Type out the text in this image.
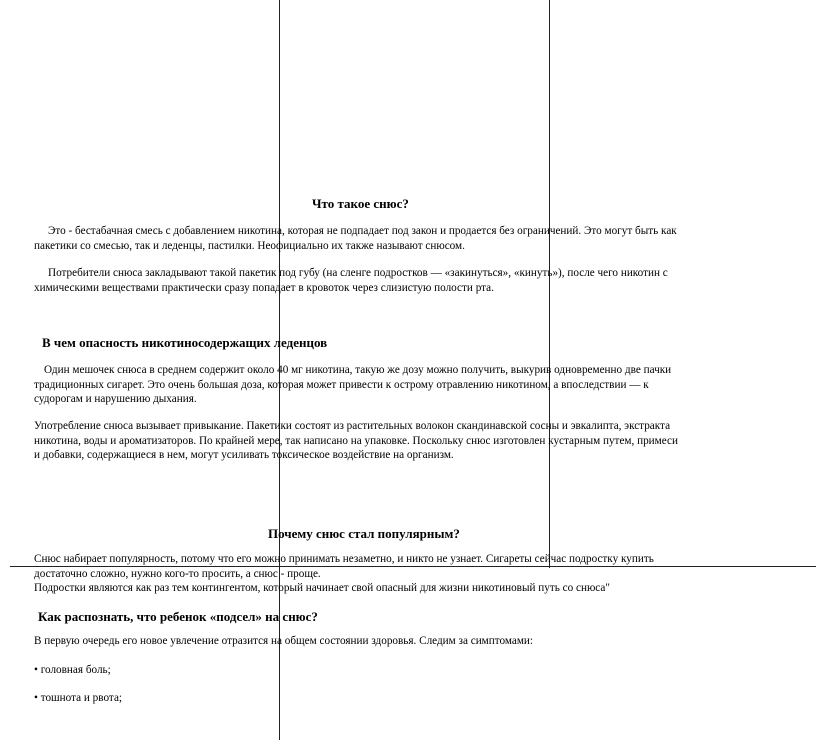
Что такое снюс?

Это - бестабачная смесь с добавлением никотина, которая не подпадает под закон и продается без ограничений. Это могут быть как
пакетики со смесью, так и леденцы, пастилки. Неофициально их также называют снюсом.

Потребители снюса закладывают такой пакетик под губу (на сленге подростков — «закинуться», «кинуть»), после чего никотин с
химическими веществами практически сразу попадает в кровоток через слизистую полости рта.

В чем опасность никотиносодержащих леденцов

Один мешочек снюса в среднем содержит около 40 мг никотина, такую же дозу можно получить, выкурив одновременно две пачки
традиционных сигарет. Это очень большая доза, которая может привести к острому отравлению никотином, а впоследствии — к
судорогам и нарушению дыхания.

Употребление снюса вызывает привыкание. Пакетики состоят из растительных волокон скандинавской сосны и эвкалипта, экстракта
никотина, воды и ароматизаторов. По крайней мере, так написано на упаковке. Поскольку снюс изготовлен кустарным путем, примеси
и добавки, содержащиеся в нем, могут усиливать токсическое воздействие на организм.

Почему снюс стал популярным?

Снюс набирает популярность, потому что его можно принимать незаметно, и никто не узнает. Сигареты сейчас подростку купить
достаточно сложно, нужно кого-то просить, а снюс - проще.
Подростки являются как раз тем контингентом, который начинает свой опасный для жизни никотиновый путь со снюса"

Как распознать, что ребенок «подсел» на снюс?

В первую очередь его новое увлечение отразится на общем состоянии здоровья. Следим за симптомами:

• головная боль;

• тошнота и рвота;
